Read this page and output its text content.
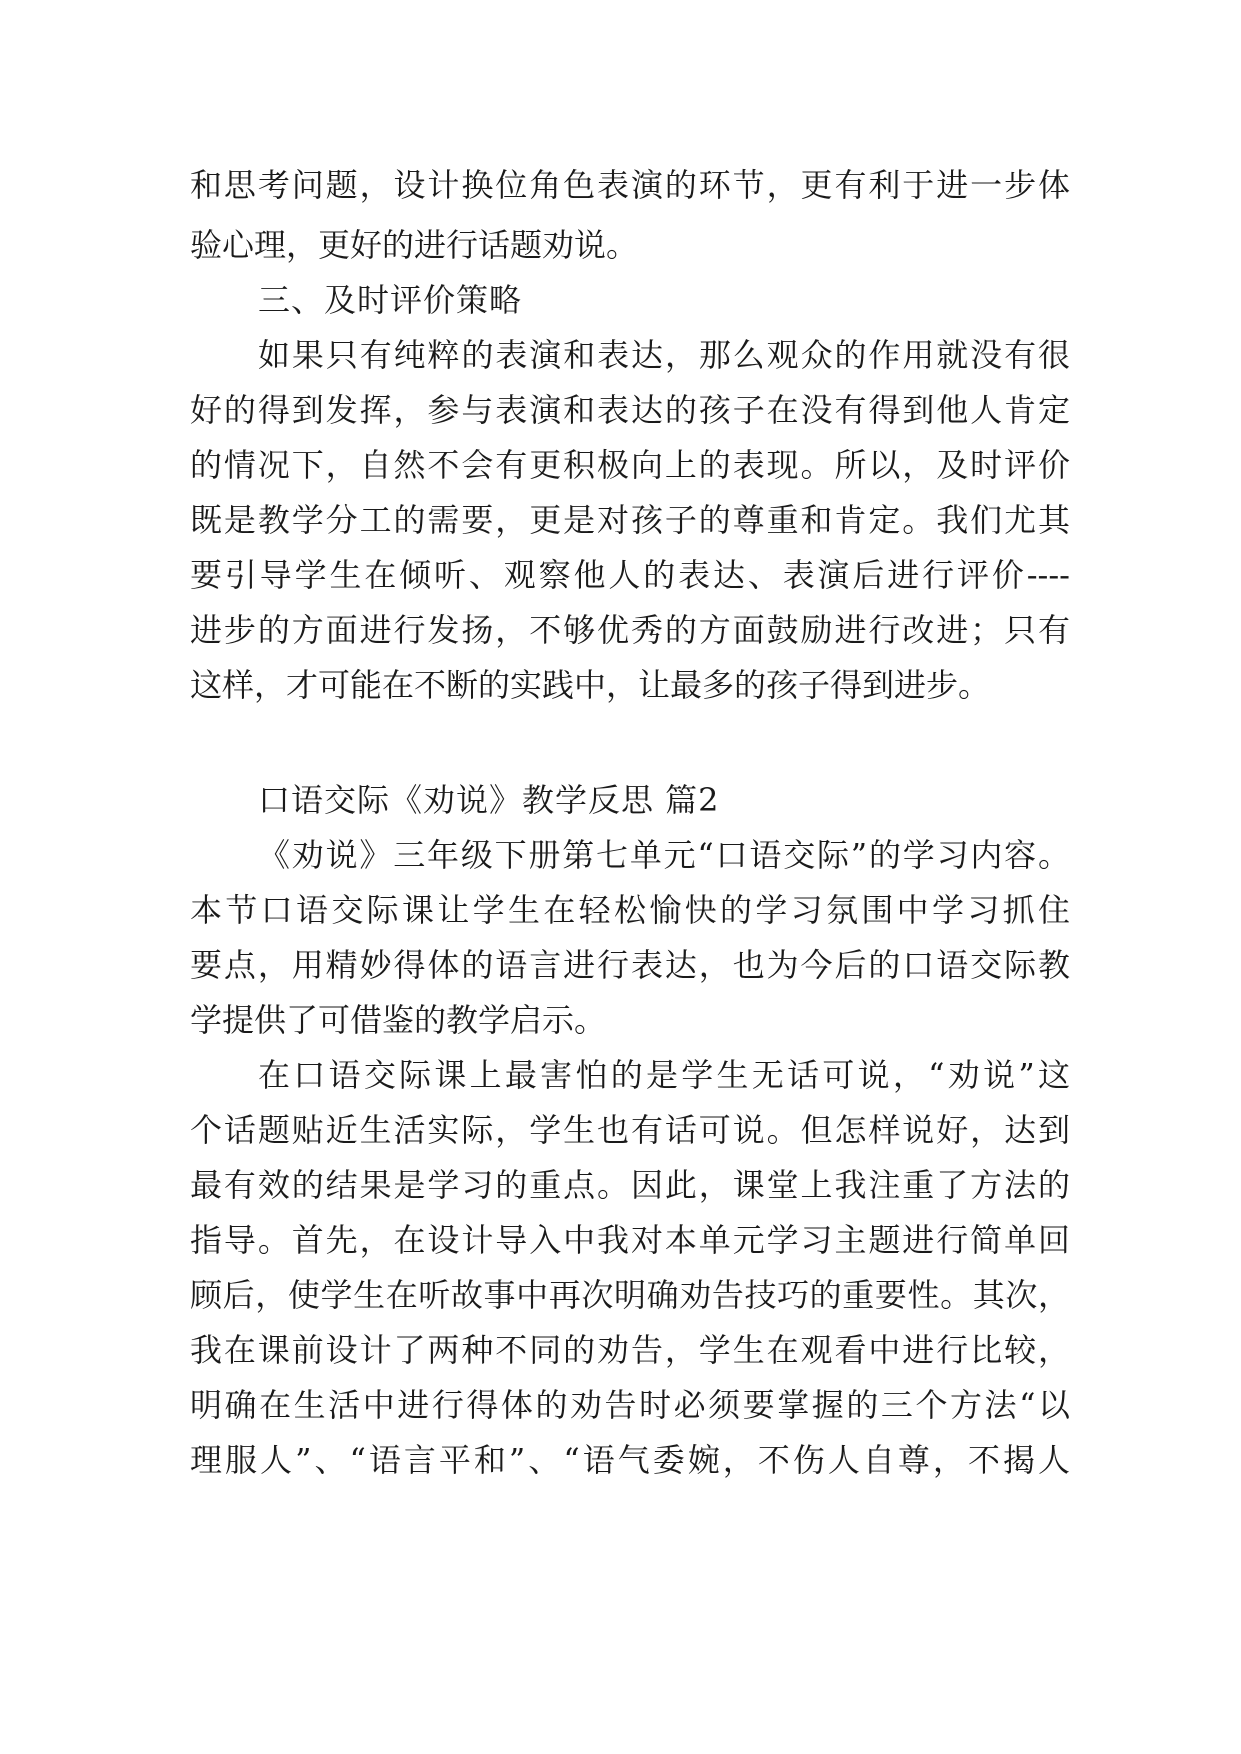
和思考问题，设计换位角色表演的环节，更有利于进一步体
验心理，更好的进行话题劝说。
三、及时评价策略
如果只有纯粹的表演和表达，那么观众的作用就没有很
好的得到发挥，参与表演和表达的孩子在没有得到他人肯定
的情况下，自然不会有更积极向上的表现。所以，及时评价
既是教学分工的需要，更是对孩子的尊重和肯定。我们尤其
要引导学生在倾听、观察他人的表达、表演后进行评价----
进步的方面进行发扬，不够优秀的方面鼓励进行改进；只有
这样，才可能在不断的实践中，让最多的孩子得到进步。
口语交际《劝说》教学反思 篇2
《劝说》三年级下册第七单元“口语交际”的学习内容。
本节口语交际课让学生在轻松愉快的学习氛围中学习抓住
要点，用精妙得体的语言进行表达，也为今后的口语交际教
学提供了可借鉴的教学启示。
在口语交际课上最害怕的是学生无话可说，“劝说”这
个话题贴近生活实际，学生也有话可说。但怎样说好，达到
最有效的结果是学习的重点。因此，课堂上我注重了方法的
指导。首先，在设计导入中我对本单元学习主题进行简单回
顾后，使学生在听故事中再次明确劝告技巧的重要性。其次，
我在课前设计了两种不同的劝告，学生在观看中进行比较，
明确在生活中进行得体的劝告时必须要掌握的三个方法“以
理服人”、“语言平和”、“语气委婉，不伤人自尊，不揭人
